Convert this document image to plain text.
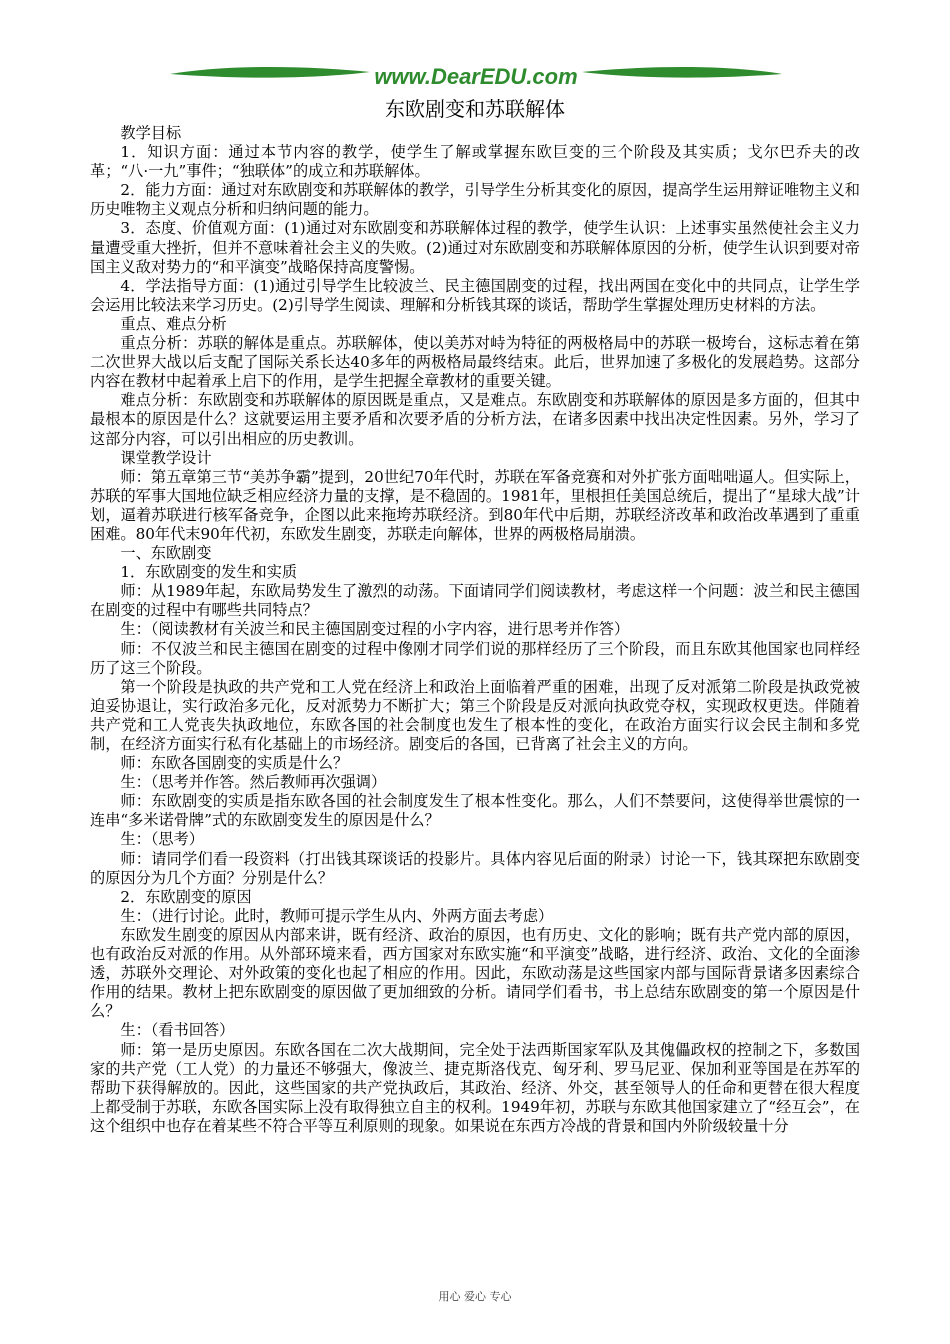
www.DearEDU.com
东欧剧变和苏联解体

教学目标

1．知识方面：通过本节内容的教学，使学生了解或掌握东欧巨变的三个阶段及其实质；戈尔巴乔夫的改革；“八·一九”事件；“独联体”的成立和苏联解体。

2．能力方面：通过对东欧剧变和苏联解体的教学，引导学生分析其变化的原因，提高学生运用辩证唯物主义和历史唯物主义观点分析和归纳问题的能力。

3．态度、价值观方面：(1)通过对东欧剧变和苏联解体过程的教学，使学生认识：上述事实虽然使社会主义力量遭受重大挫折，但并不意味着社会主义的失败。(2)通过对东欧剧变和苏联解体原因的分析，使学生认识到要对帝国主义敌对势力的“和平演变”战略保持高度警惕。

4．学法指导方面：(1)通过引导学生比较波兰、民主德国剧变的过程，找出两国在变化中的共同点，让学生学会运用比较法来学习历史。(2)引导学生阅读、理解和分析钱其琛的谈话，帮助学生掌握处理历史材料的方法。

重点、难点分析

重点分析：苏联的解体是重点。苏联解体，使以美苏对峙为特征的两极格局中的苏联一极垮台，这标志着在第二次世界大战以后支配了国际关系长达40多年的两极格局最终结束。此后，世界加速了多极化的发展趋势。这部分内容在教材中起着承上启下的作用，是学生把握全章教材的重要关键。

难点分析：东欧剧变和苏联解体的原因既是重点，又是难点。东欧剧变和苏联解体的原因是多方面的，但其中最根本的原因是什么？这就要运用主要矛盾和次要矛盾的分析方法，在诸多因素中找出决定性因素。另外，学习了这部分内容，可以引出相应的历史教训。

课堂教学设计

师：第五章第三节“美苏争霸”提到，20世纪70年代时，苏联在军备竞赛和对外扩张方面咄咄逼人。但实际上，苏联的军事大国地位缺乏相应经济力量的支撑，是不稳固的。1981年，里根担任美国总统后，提出了“星球大战”计划，逼着苏联进行核军备竞争，企图以此来拖垮苏联经济。到80年代中后期，苏联经济改革和政治改革遇到了重重困难。80年代末90年代初，东欧发生剧变，苏联走向解体，世界的两极格局崩溃。

一、东欧剧变

1．东欧剧变的发生和实质

师：从1989年起，东欧局势发生了激烈的动荡。下面请同学们阅读教材，考虑这样一个问题：波兰和民主德国在剧变的过程中有哪些共同特点？

生：（阅读教材有关波兰和民主德国剧变过程的小字内容，进行思考并作答）

师：不仅波兰和民主德国在剧变的过程中像刚才同学们说的那样经历了三个阶段，而且东欧其他国家也同样经历了这三个阶段。

第一个阶段是执政的共产党和工人党在经济上和政治上面临着严重的困难，出现了反对派第二阶段是执政党被迫妥协退让，实行政治多元化，反对派势力不断扩大；第三个阶段是反对派向执政党夺权，实现政权更迭。伴随着共产党和工人党丧失执政地位，东欧各国的社会制度也发生了根本性的变化，在政治方面实行议会民主制和多党制，在经济方面实行私有化基础上的市场经济。剧变后的各国，已背离了社会主义的方向。

师：东欧各国剧变的实质是什么？

生：（思考并作答。然后教师再次强调）

师：东欧剧变的实质是指东欧各国的社会制度发生了根本性变化。那么，人们不禁要问，这使得举世震惊的一连串“多米诺骨牌”式的东欧剧变发生的原因是什么？

生：（思考）

师：请同学们看一段资料（打出钱其琛谈话的投影片。具体内容见后面的附录）讨论一下，钱其琛把东欧剧变的原因分为几个方面？分别是什么？

2．东欧剧变的原因

生：（进行讨论。此时，教师可提示学生从内、外两方面去考虑）

东欧发生剧变的原因从内部来讲，既有经济、政治的原因，也有历史、文化的影响；既有共产党内部的原因，也有政治反对派的作用。从外部环境来看，西方国家对东欧实施“和平演变”战略，进行经济、政治、文化的全面渗透，苏联外交理论、对外政策的变化也起了相应的作用。因此，东欧动荡是这些国家内部与国际背景诸多因素综合作用的结果。教材上把东欧剧变的原因做了更加细致的分析。请同学们看书，书上总结东欧剧变的第一个原因是什么？

生：（看书回答）

师：第一是历史原因。东欧各国在二次大战期间，完全处于法西斯国家军队及其傀儡政权的控制之下，多数国家的共产党（工人党）的力量还不够强大，像波兰、捷克斯洛伐克、匈牙利、罗马尼亚、保加利亚等国是在苏军的帮助下获得解放的。因此，这些国家的共产党执政后，其政治、经济、外交，甚至领导人的任命和更替在很大程度上都受制于苏联，东欧各国实际上没有取得独立自主的权利。1949年初，苏联与东欧其他国家建立了“经互会”，在这个组织中也存在着某些不符合平等互利原则的现象。如果说在东西方冷战的背景和国内外阶级较量十分

用心 爱心 专心
